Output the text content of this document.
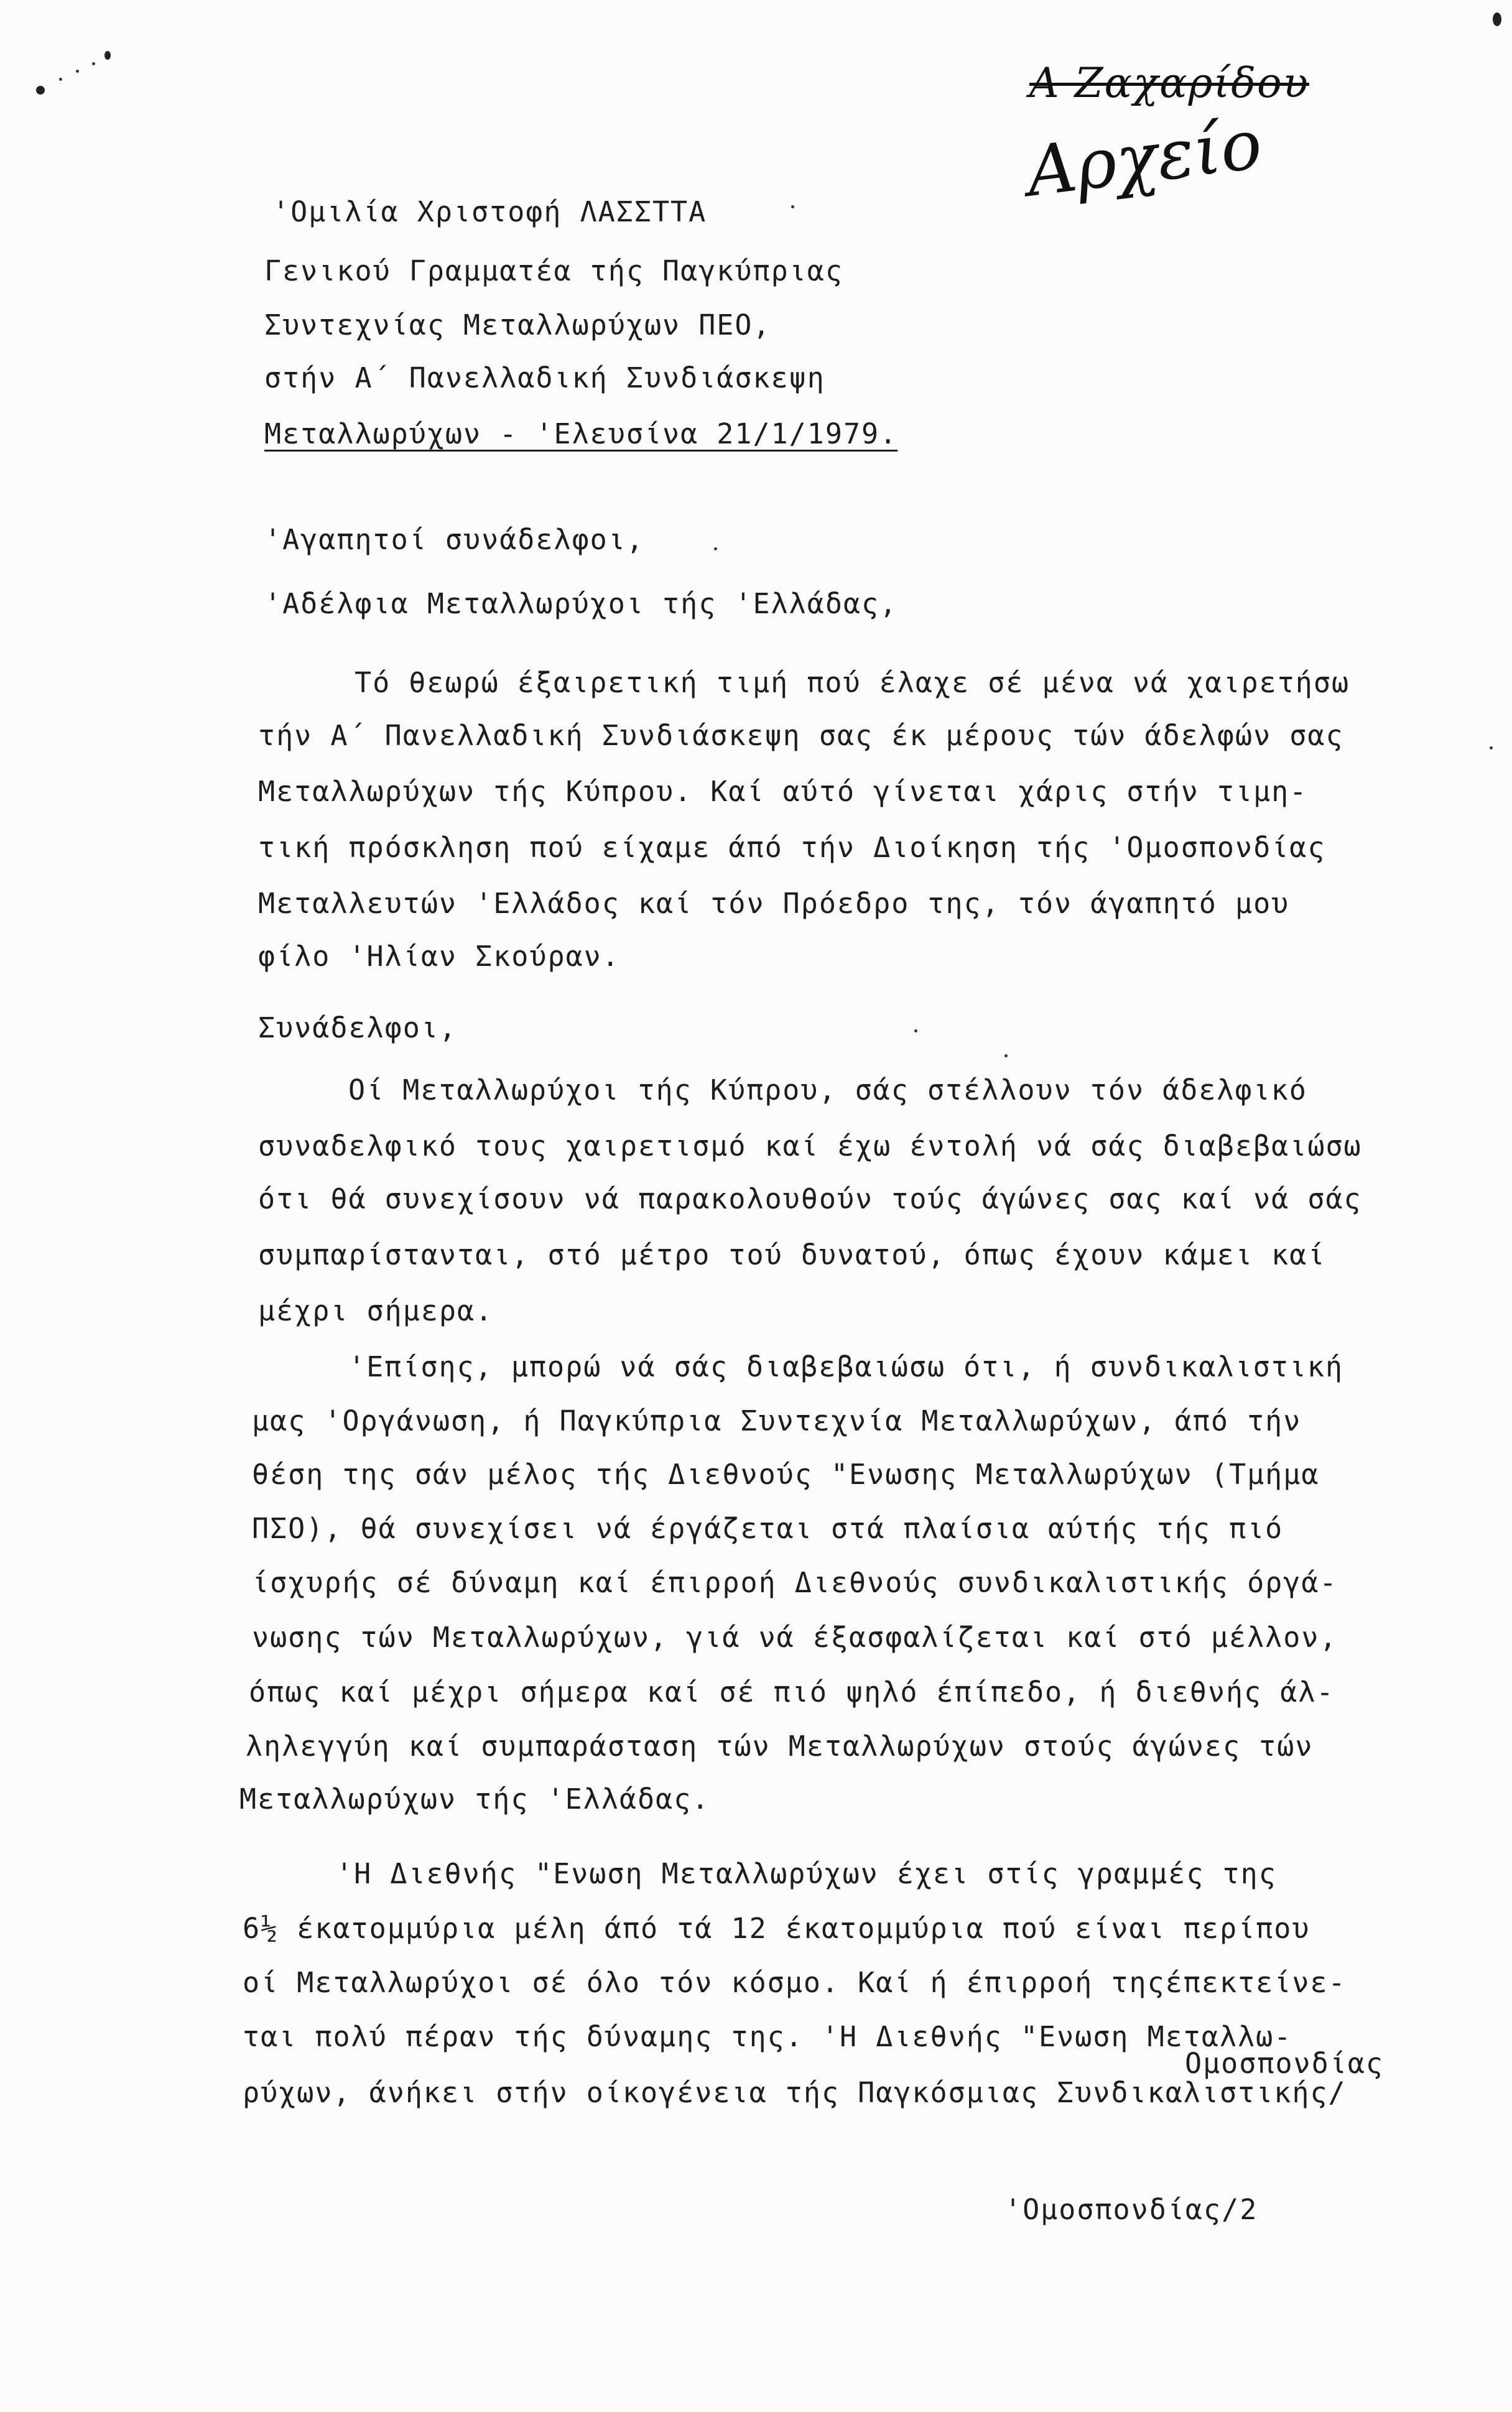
Α Ζαχαρίδου
Αρχείο
'Ομιλία Χριστοφή ΛΑΣΣΤΤΑ
Γενικού Γραμματέα τής Παγκύπριας
Συντεχνίας Μεταλλωρύχων ΠΕΟ,
στήν Α΄ Πανελλαδική Συνδιάσκεψη
Μεταλλωρύχων - 'Ελευσίνα 21/1/1979.
'Αγαπητοί συνάδελφοι,
'Αδέλφια Μεταλλωρύχοι τής 'Ελλάδας,
Τό θεωρώ έξαιρετική τιμή πού έλαχε σέ μένα νά χαιρετήσω
τήν Α΄ Πανελλαδική Συνδιάσκεψη σας έκ μέρους τών άδελφών σας
Μεταλλωρύχων τής Κύπρου. Καί αύτό γίνεται χάρις στήν τιμη-
τική πρόσκληση πού είχαμε άπό τήν Διοίκηση τής 'Ομοσπονδίας
Μεταλλευτών 'Ελλάδος καί τόν Πρόεδρο της, τόν άγαπητό μου
φίλο 'Ηλίαν Σκούραν.
Συνάδελφοι,
Οί Μεταλλωρύχοι τής Κύπρου, σάς στέλλουν τόν άδελφικό
συναδελφικό τους χαιρετισμό καί έχω έντολή νά σάς διαβεβαιώσω
ότι θά συνεχίσουν νά παρακολουθούν τούς άγώνες σας καί νά σάς
συμπαρίστανται, στό μέτρο τού δυνατού, όπως έχουν κάμει καί
μέχρι σήμερα.
'Επίσης, μπορώ νά σάς διαβεβαιώσω ότι, ή συνδικαλιστική
μας 'Οργάνωση, ή Παγκύπρια Συντεχνία Μεταλλωρύχων, άπό τήν
θέση της σάν μέλος τής Διεθνούς "Ενωσης Μεταλλωρύχων (Τμήμα
ΠΣΟ), θά συνεχίσει νά έργάζεται στά πλαίσια αύτής τής πιό
ίσχυρής σέ δύναμη καί έπιρροή Διεθνούς συνδικαλιστικής όργά-
νωσης τών Μεταλλωρύχων, γιά νά έξασφαλίζεται καί στό μέλλον,
όπως καί μέχρι σήμερα καί σέ πιό ψηλό έπίπεδο, ή διεθνής άλ-
ληλεγγύη καί συμπαράσταση τών Μεταλλωρύχων στούς άγώνες τών
Μεταλλωρύχων τής 'Ελλάδας.
'Η Διεθνής "Ενωση Μεταλλωρύχων έχει στίς γραμμές της
6½ έκατομμύρια μέλη άπό τά 12 έκατομμύρια πού είναι περίπου
οί Μεταλλωρύχοι σέ όλο τόν κόσμο. Καί ή έπιρροή τηςέπεκτείνε-
ται πολύ πέραν τής δύναμης της. 'Η Διεθνής "Ενωση Μεταλλω-
Ομοσπονδίας
ρύχων, άνήκει στήν οίκογένεια τής Παγκόσμιας Συνδικαλιστικής/
'Ομοσπονδίας/2
